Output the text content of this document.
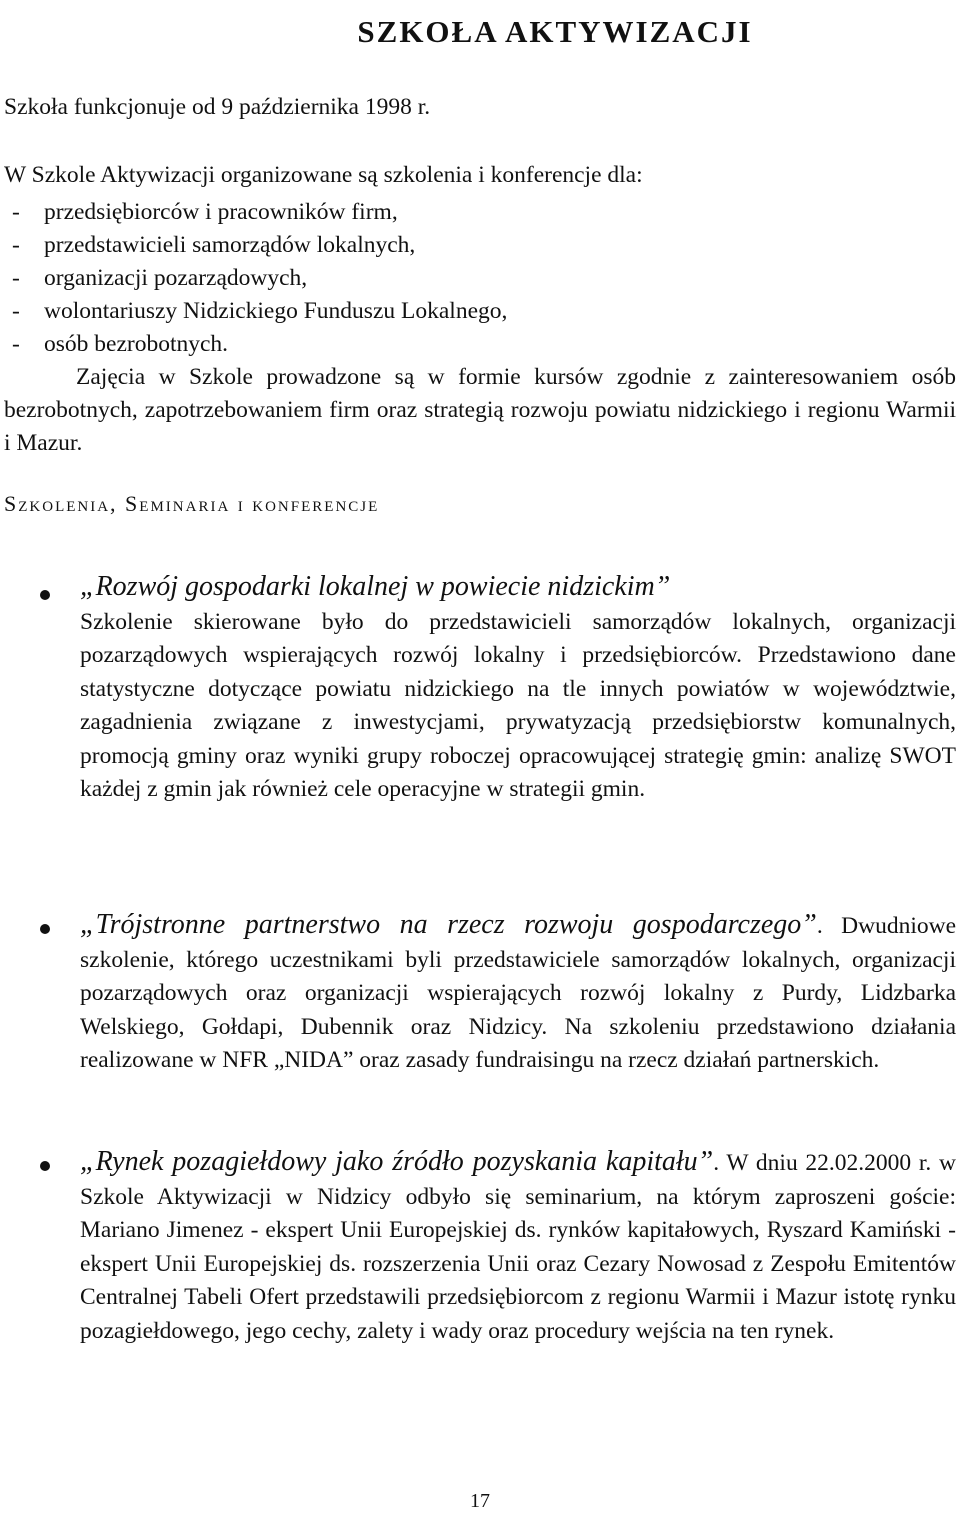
SZKOŁA AKTYWIZACJI

Szkoła funkcjonuje od 9 października 1998 r.

W Szkole Aktywizacji organizowane są szkolenia i konferencje dla:

- przedsiębiorców i pracowników firm,
- przedstawicieli samorządów lokalnych,
- organizacji pozarządowych,
- wolontariuszy Nidzickiego Funduszu Lokalnego,
- osób bezrobotnych.

Zajęcia w Szkole prowadzone są w formie kursów zgodnie z zainteresowaniem osób bezrobotnych, zapotrzebowaniem firm oraz strategią rozwoju powiatu nidzickiego i regionu Warmii i Mazur.

Szkolenia, Seminaria i konferencje

„Rozwój gospodarki lokalnej w powiecie nidzickim”
Szkolenie skierowane było do przedstawicieli samorządów lokalnych, organizacji pozarządowych wspierających rozwój lokalny i przedsiębiorców. Przedstawiono dane statystyczne dotyczące powiatu nidzickiego na tle innych powiatów w województwie, zagadnienia związane z inwestycjami, prywatyzacją przedsiębiorstw komunalnych, promocją gminy oraz wyniki grupy roboczej opracowującej strategię gmin: analizę SWOT każdej z gmin jak również cele operacyjne w strategii gmin.

„Trójstronne partnerstwo na rzecz rozwoju gospodarczego”. Dwudniowe szkolenie, którego uczestnikami byli przedstawiciele samorządów lokalnych, organizacji pozarządowych oraz organizacji wspierających rozwój lokalny z Purdy, Lidzbarka Welskiego, Gołdapi, Dubennik oraz Nidzicy. Na szkoleniu przedstawiono działania realizowane w NFR „NIDA” oraz zasady fundraisingu na rzecz działań partnerskich.

„Rynek pozagiełdowy jako źródło pozyskania kapitału”. W dniu 22.02.2000 r. w Szkole Aktywizacji w Nidzicy odbyło się seminarium, na którym zaproszeni goście: Mariano Jimenez - ekspert Unii Europejskiej ds. rynków kapitałowych, Ryszard Kamiński - ekspert Unii Europejskiej ds. rozszerzenia Unii oraz Cezary Nowosad z Zespołu Emitentów Centralnej Tabeli Ofert przedstawili przedsiębiorcom z regionu Warmii i Mazur istotę rynku pozagiełdowego, jego cechy, zalety i wady oraz procedury wejścia na ten rynek.

17
